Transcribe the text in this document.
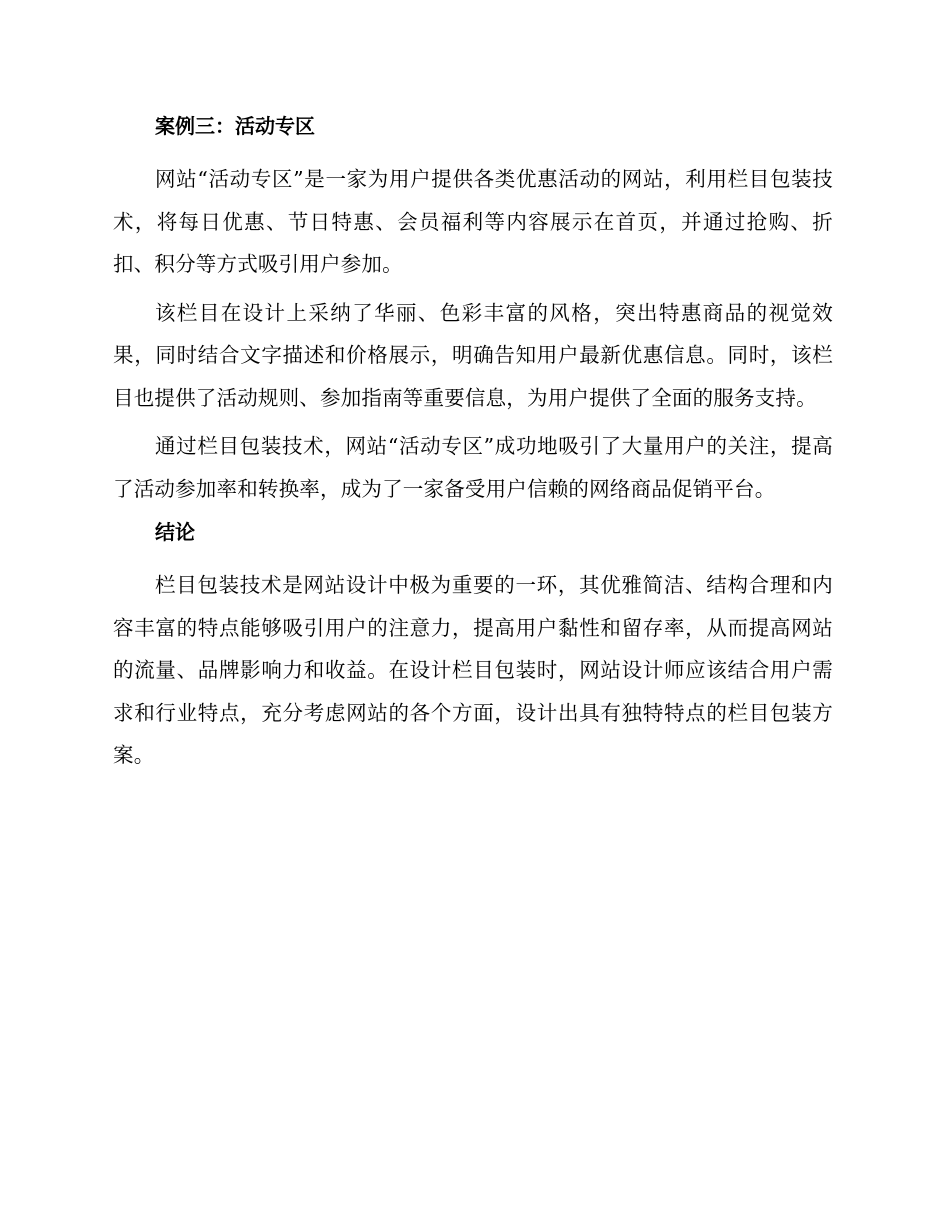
案例三：活动专区

网站“活动专区”是一家为用户提供各类优惠活动的网站，利用栏目包装技术，将每日优惠、节日特惠、会员福利等内容展示在首页，并通过抢购、折扣、积分等方式吸引用户参加。

该栏目在设计上采纳了华丽、色彩丰富的风格，突出特惠商品的视觉效果，同时结合文字描述和价格展示，明确告知用户最新优惠信息。同时，该栏目也提供了活动规则、参加指南等重要信息，为用户提供了全面的服务支持。

通过栏目包装技术，网站“活动专区”成功地吸引了大量用户的关注，提高了活动参加率和转换率，成为了一家备受用户信赖的网络商品促销平台。

结论

栏目包装技术是网站设计中极为重要的一环，其优雅简洁、结构合理和内容丰富的特点能够吸引用户的注意力，提高用户黏性和留存率，从而提高网站的流量、品牌影响力和收益。在设计栏目包装时，网站设计师应该结合用户需求和行业特点，充分考虑网站的各个方面，设计出具有独特特点的栏目包装方案。
